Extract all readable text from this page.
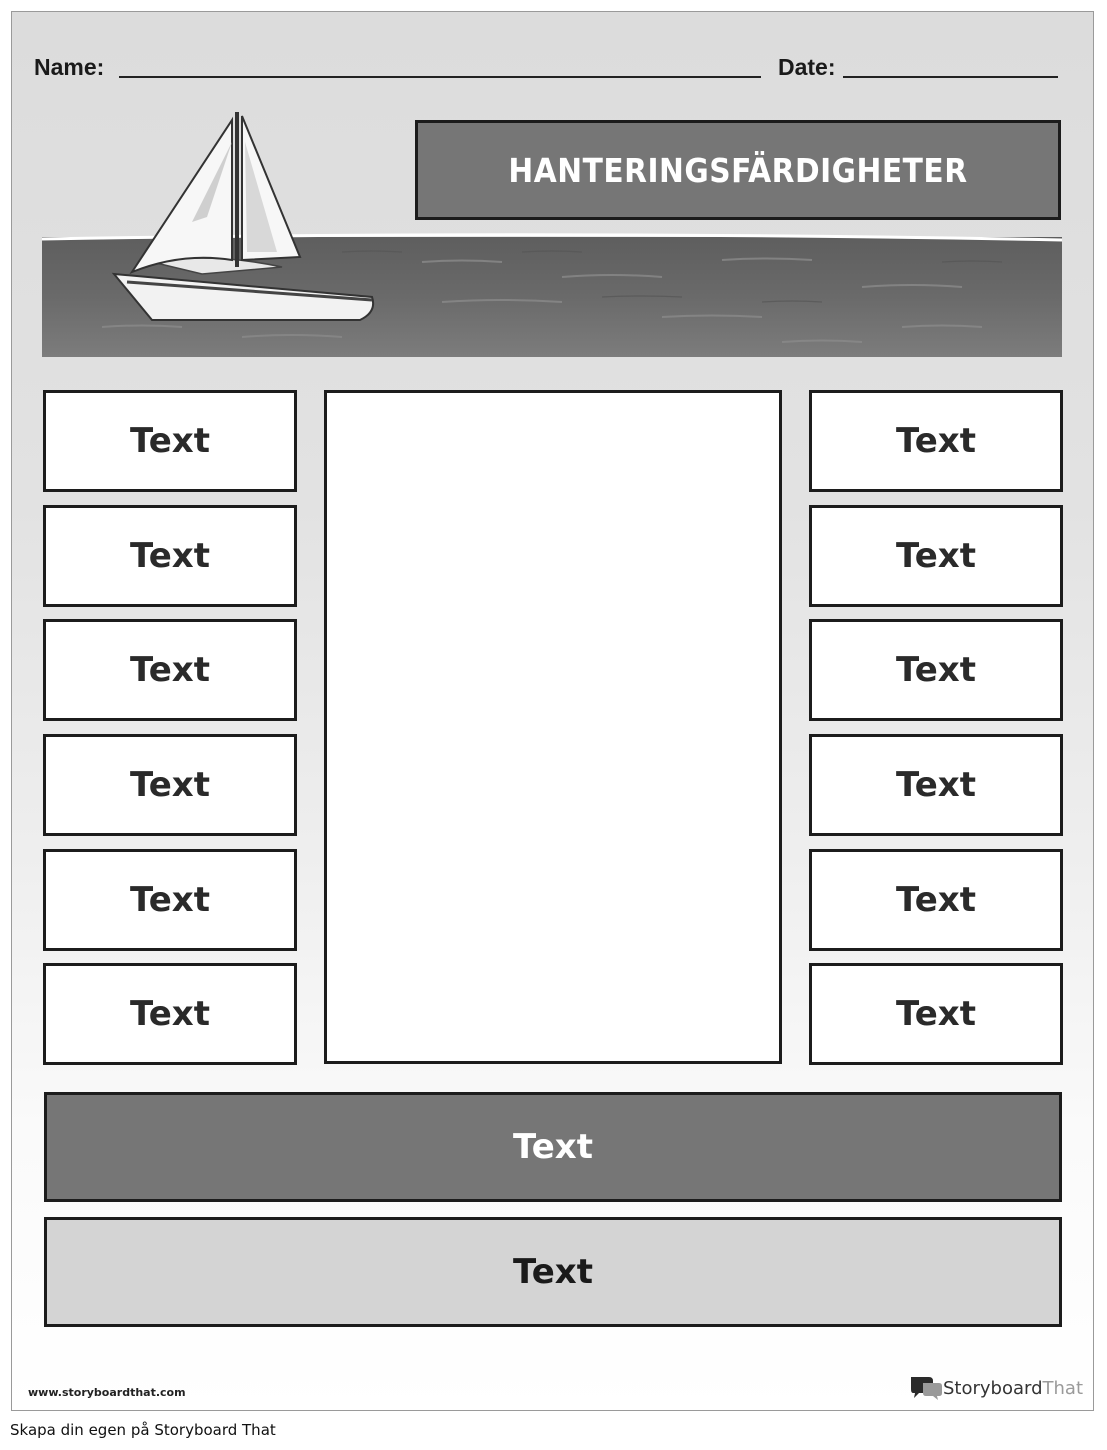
Name:	Date:
HANTERINGSFÄRDIGHETER
Text
Text
Text
Text
Text
Text
Text
Text
Text
Text
Text
Text
Text
Text
www.storyboardthat.com	StoryboardThat
Skapa din egen på Storyboard That
